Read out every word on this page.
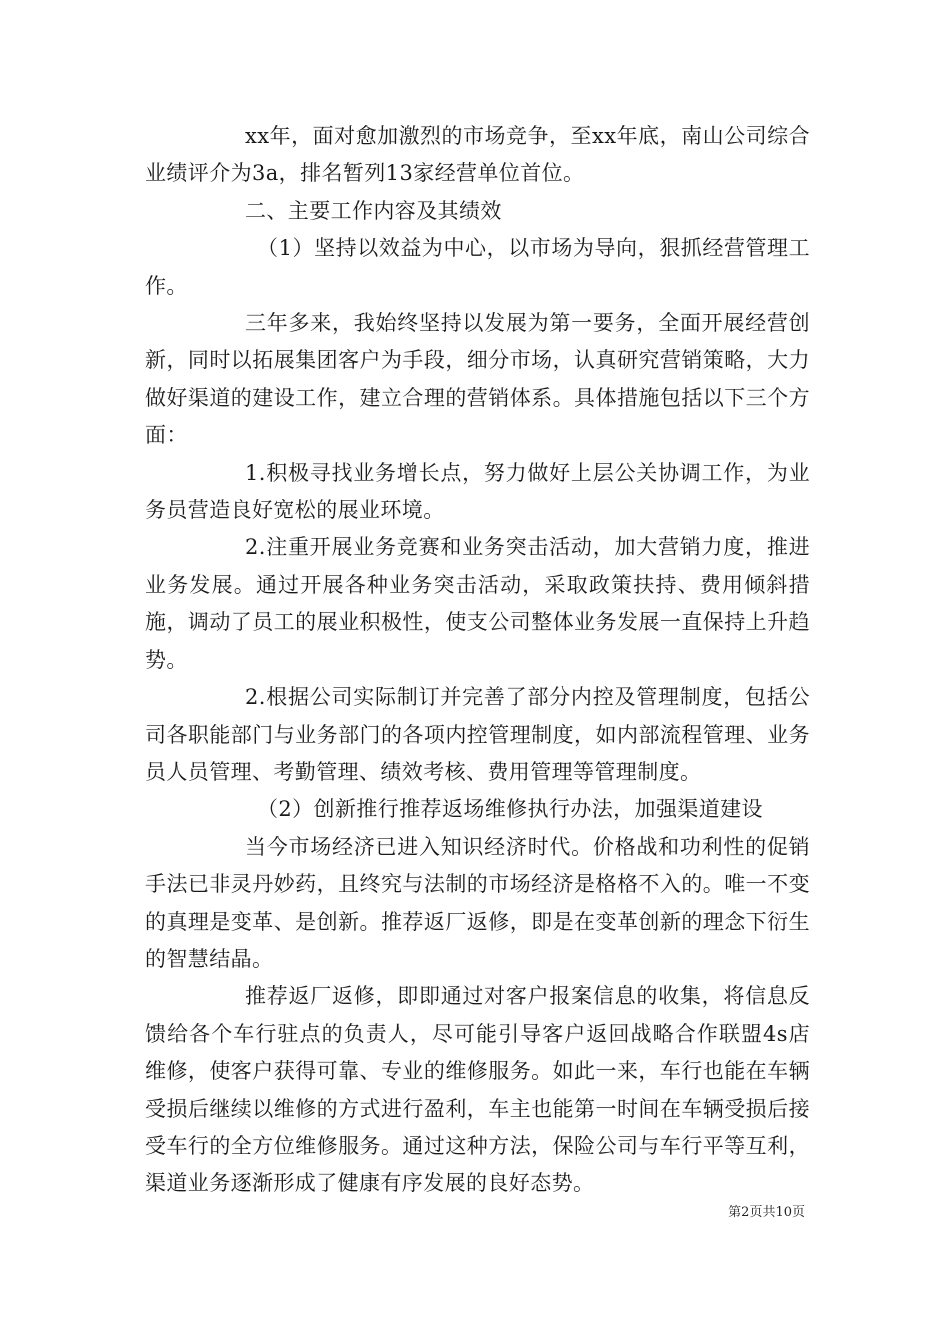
xx年，面对愈加激烈的市场竞争，至xx年底，南山公司综合业绩评介为3a，排名暂列13家经营单位首位。

二、主要工作内容及其绩效

（1）坚持以效益为中心，以市场为导向，狠抓经营管理工作。

三年多来，我始终坚持以发展为第一要务，全面开展经营创新，同时以拓展集团客户为手段，细分市场，认真研究营销策略，大力做好渠道的建设工作，建立合理的营销体系。具体措施包括以下三个方面：

1.积极寻找业务增长点，努力做好上层公关协调工作，为业务员营造良好宽松的展业环境。

2.注重开展业务竞赛和业务突击活动，加大营销力度，推进业务发展。通过开展各种业务突击活动，采取政策扶持、费用倾斜措施，调动了员工的展业积极性，使支公司整体业务发展一直保持上升趋势。

2.根据公司实际制订并完善了部分内控及管理制度，包括公司各职能部门与业务部门的各项内控管理制度，如内部流程管理、业务员人员管理、考勤管理、绩效考核、费用管理等管理制度。

（2）创新推行推荐返场维修执行办法，加强渠道建设

当今市场经济已进入知识经济时代。价格战和功利性的促销手法已非灵丹妙药，且终究与法制的市场经济是格格不入的。唯一不变的真理是变革、是创新。推荐返厂返修，即是在变革创新的理念下衍生的智慧结晶。

推荐返厂返修，即即通过对客户报案信息的收集，将信息反馈给各个车行驻点的负责人，尽可能引导客户返回战略合作联盟4s店维修，使客户获得可靠、专业的维修服务。如此一来，车行也能在车辆受损后继续以维修的方式进行盈利，车主也能第一时间在车辆受损后接受车行的全方位维修服务。通过这种方法，保险公司与车行平等互利，渠道业务逐渐形成了健康有序发展的良好态势。

第2页共10页
